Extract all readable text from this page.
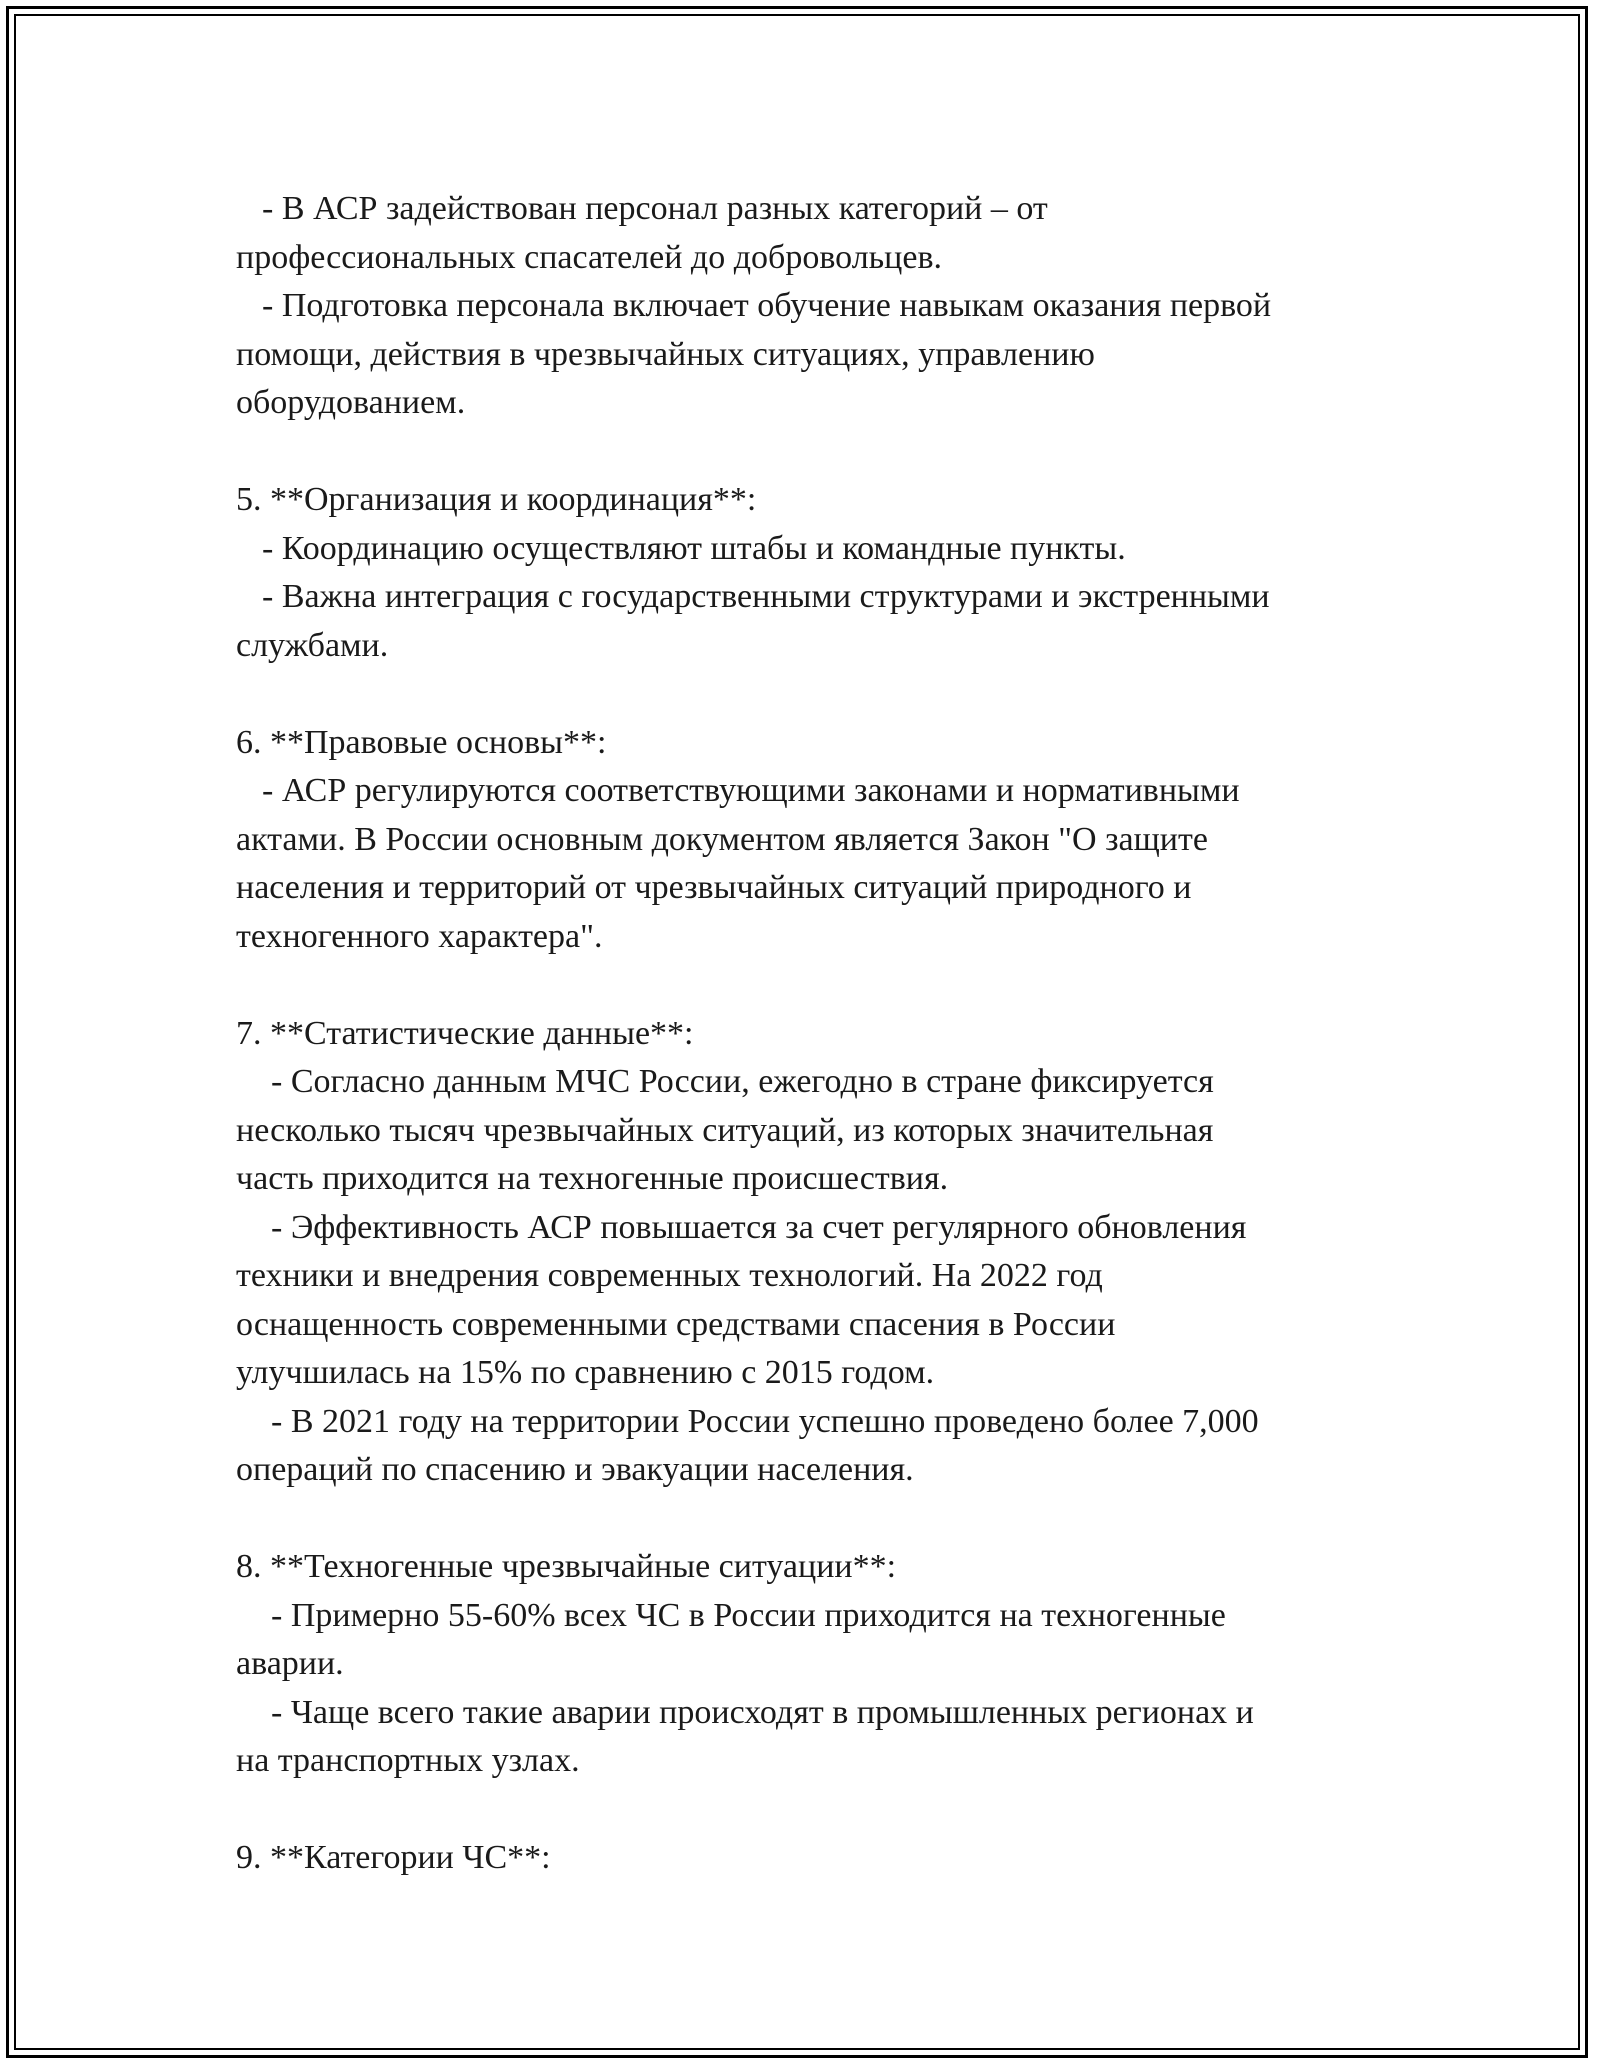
- В АСР задействован персонал разных категорий – от
профессиональных спасателей до добровольцев.
- Подготовка персонала включает обучение навыкам оказания первой
помощи, действия в чрезвычайных ситуациях, управлению
оборудованием.
5. **Организация и координация**:
- Координацию осуществляют штабы и командные пункты.
- Важна интеграция с государственными структурами и экстренными
службами.
6. **Правовые основы**:
- АСР регулируются соответствующими законами и нормативными
актами. В России основным документом является Закон "О защите
населения и территорий от чрезвычайных ситуаций природного и
техногенного характера".
7. **Статистические данные**:
- Согласно данным МЧС России, ежегодно в стране фиксируется
несколько тысяч чрезвычайных ситуаций, из которых значительная
часть приходится на техногенные происшествия.
- Эффективность АСР повышается за счет регулярного обновления
техники и внедрения современных технологий. На 2022 год
оснащенность современными средствами спасения в России
улучшилась на 15% по сравнению с 2015 годом.
- В 2021 году на территории России успешно проведено более 7,000
операций по спасению и эвакуации населения.
8. **Техногенные чрезвычайные ситуации**:
- Примерно 55-60% всех ЧС в России приходится на техногенные
аварии.
- Чаще всего такие аварии происходят в промышленных регионах и
на транспортных узлах.
9. **Категории ЧС**:
